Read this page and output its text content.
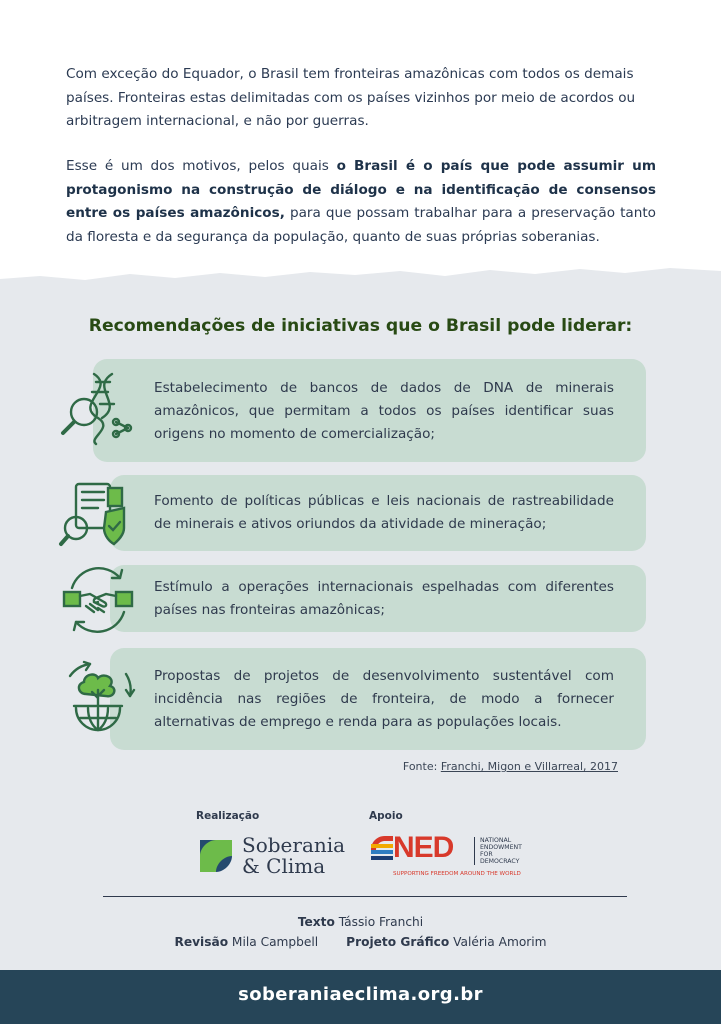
Com exceção do Equador, o Brasil tem fronteiras amazônicas com todos os demais países. Fronteiras estas delimitadas com os países vizinhos por meio de acordos ou arbitragem internacional, e não por guerras.

Esse é um dos motivos, pelos quais o Brasil é o país que pode assumir um protagonismo na construção de diálogo e na identificação de consensos entre os países amazônicos, para que possam trabalhar para a preservação tanto da floresta e da segurança da população, quanto de suas próprias soberanias.

Recomendações de iniciativas que o Brasil pode liderar:

Estabelecimento de bancos de dados de DNA de minerais amazônicos, que permitam a todos os países identificar suas origens no momento de comercialização;

Fomento de políticas públicas e leis nacionais de rastreabilidade de minerais e ativos oriundos da atividade de mineração;

Estímulo a operações internacionais espelhadas com diferentes países nas fronteiras amazônicas;

Propostas de projetos de desenvolvimento sustentável com incidência nas regiões de fronteira, de modo a fornecer alternativas de emprego e renda para as populações locais.

Fonte: Franchi, Migon e Villarreal, 2017
Realização	Apoio
Soberania
& Clima
NED	NATIONAL
ENDOWMENT
FOR
DEMOCRACY
SUPPORTING FREEDOM AROUND THE WORLD
Texto Tássio Franchi
Revisão Mila Campbell Projeto Gráfico Valéria Amorim
soberaniaeclima.org.br
